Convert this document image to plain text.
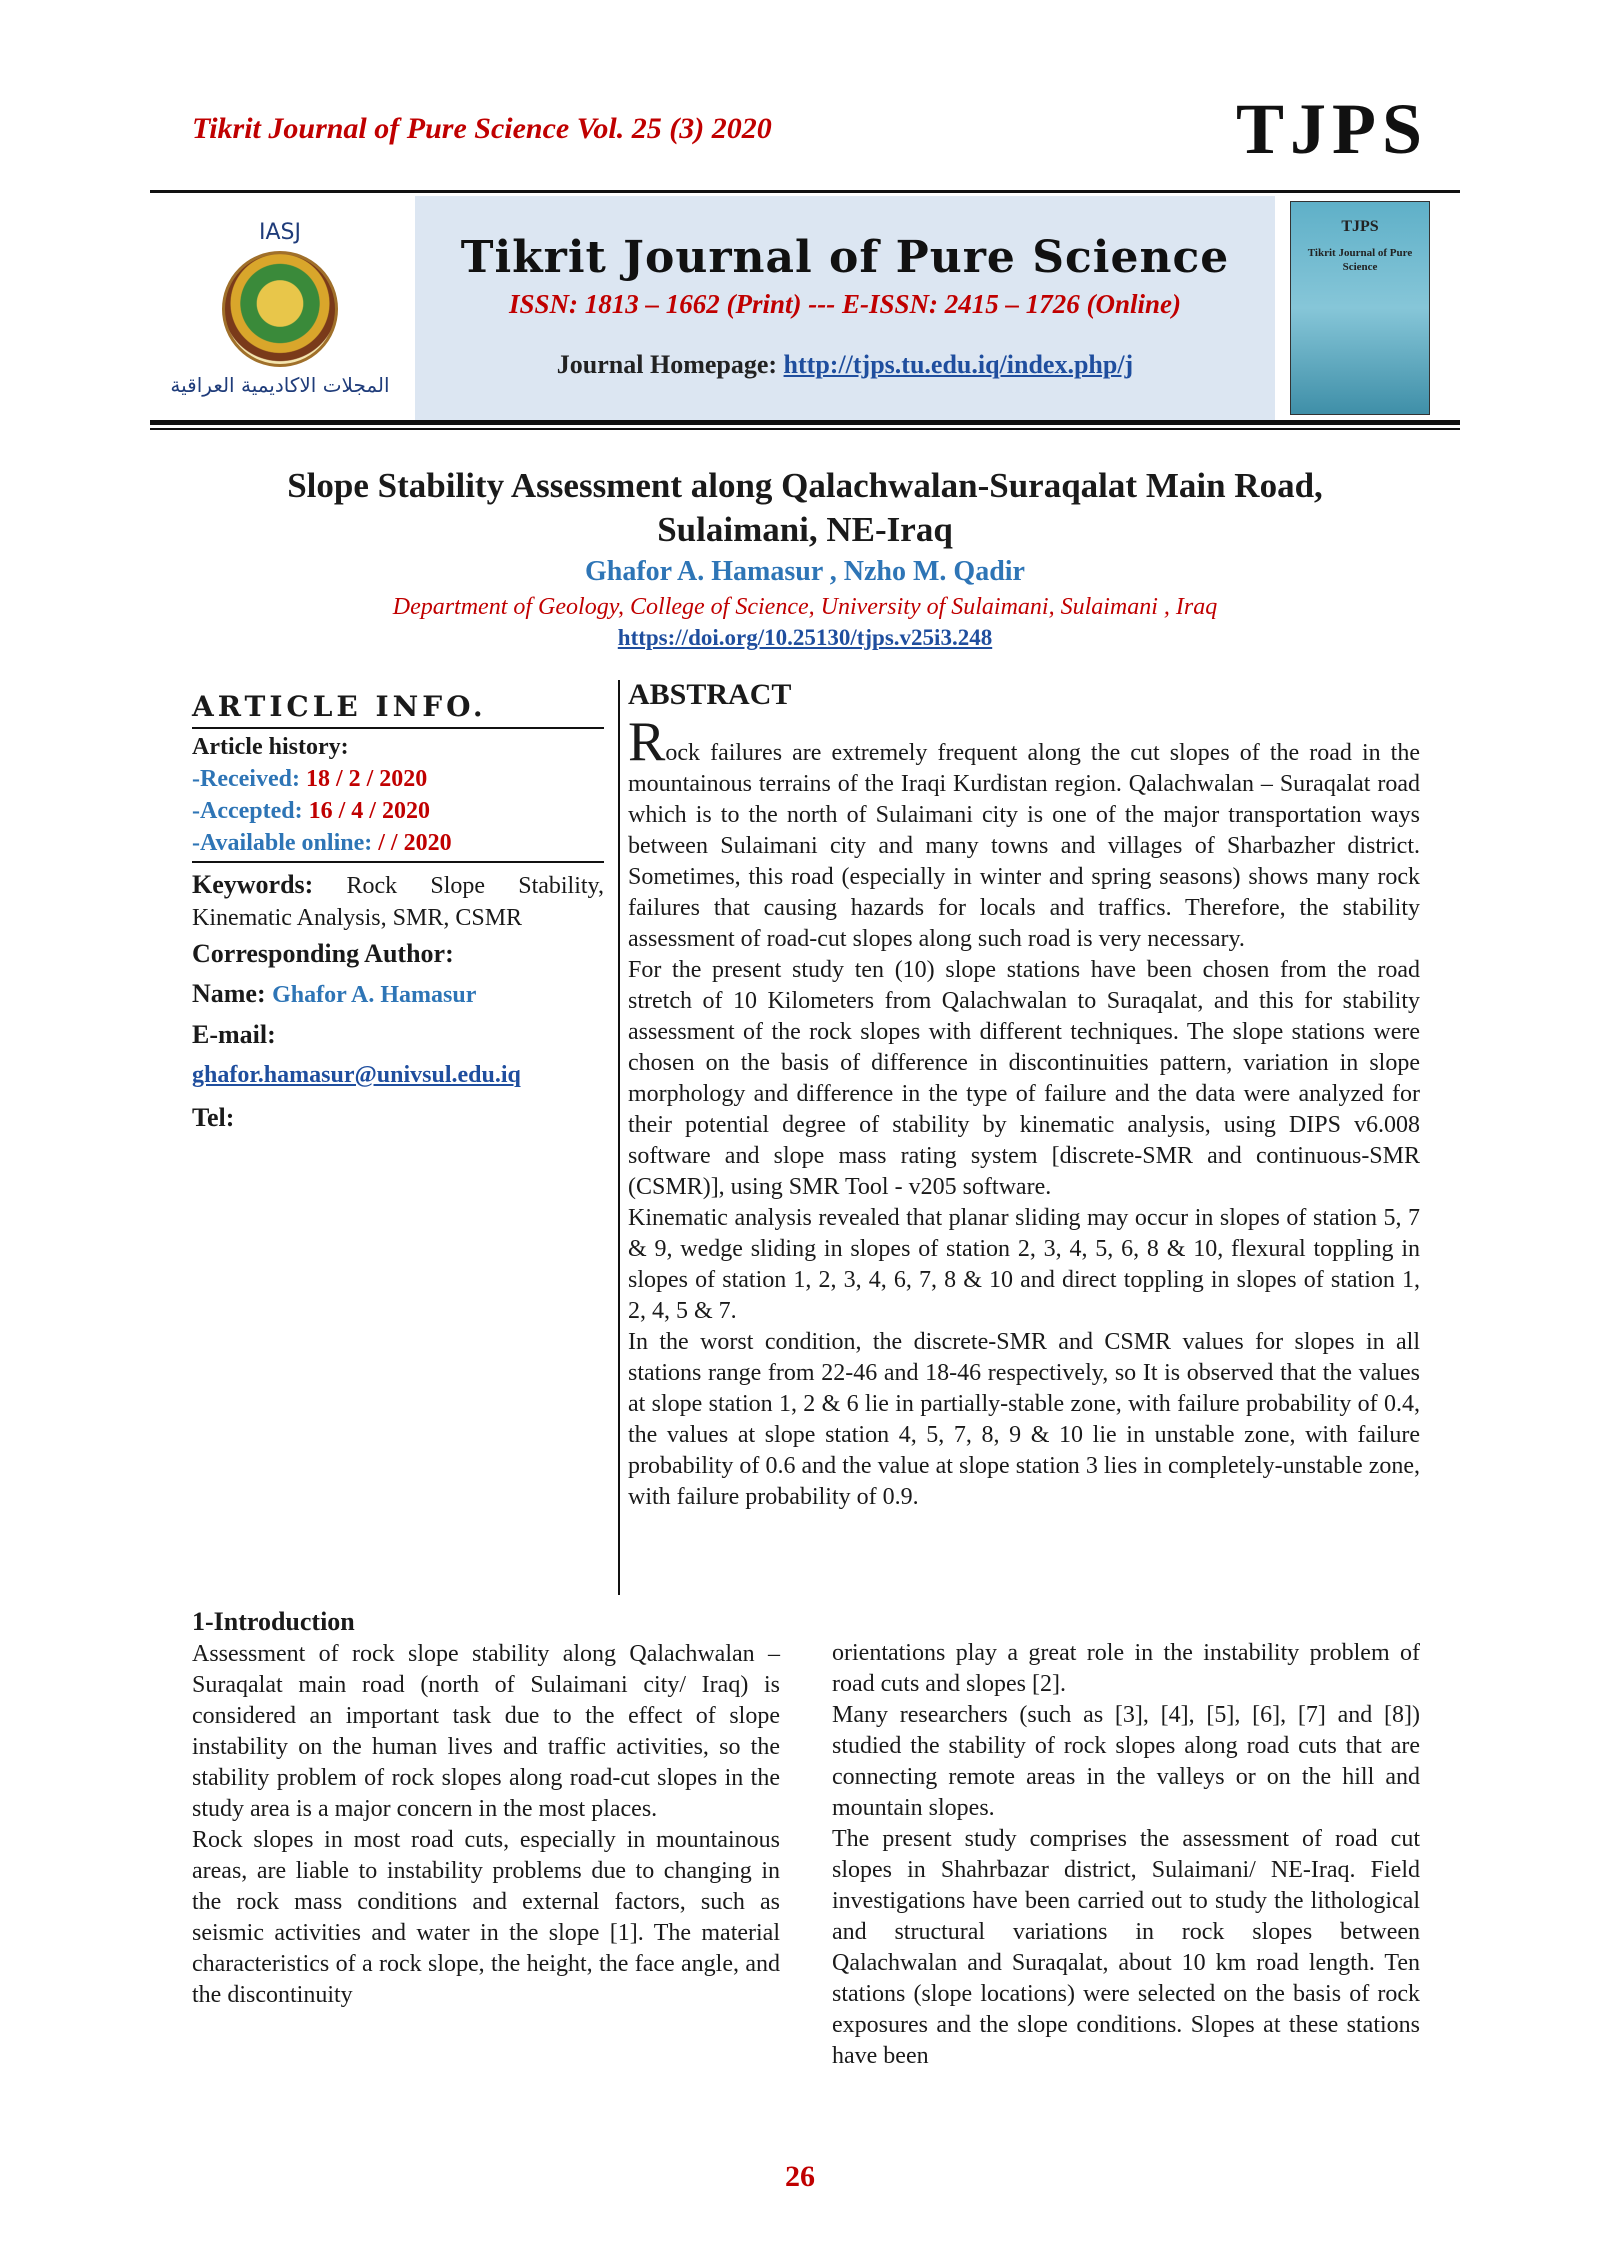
Tikrit Journal of Pure Science Vol. 25 (3) 2020	TJPS
IASJ
المجلات الاكاديمية العراقية
Tikrit Journal of Pure Science
ISSN: 1813 – 1662 (Print) --- E-ISSN: 2415 – 1726 (Online)
Journal Homepage: http://tjps.tu.edu.iq/index.php/j
TJPS
Tikrit Journal of Pure Science
Slope Stability Assessment along Qalachwalan-Suraqalat Main Road,
Sulaimani, NE-Iraq
Ghafor A. Hamasur , Nzho M. Qadir
Department of Geology, College of Science, University of Sulaimani, Sulaimani , Iraq
https://doi.org/10.25130/tjps.v25i3.248
ARTICLE INFO.
Article history:
-Received: 18 / 2 / 2020
-Accepted: 16 / 4 / 2020
-Available online: / / 2020
Keywords: Rock Slope Stability, Kinematic Analysis, SMR, CSMR
Corresponding Author:
Name: Ghafor A. Hamasur
E-mail:
ghafor.hamasur@univsul.edu.iq
Tel:
ABSTRACT

Rock failures are extremely frequent along the cut slopes of the road in the mountainous terrains of the Iraqi Kurdistan region. Qalachwalan – Suraqalat road which is to the north of Sulaimani city is one of the major transportation ways between Sulaimani city and many towns and villages of Sharbazher district. Sometimes, this road (especially in winter and spring seasons) shows many rock failures that causing hazards for locals and traffics. Therefore, the stability assessment of road-cut slopes along such road is very necessary.

For the present study ten (10) slope stations have been chosen from the road stretch of 10 Kilometers from Qalachwalan to Suraqalat, and this for stability assessment of the rock slopes with different techniques. The slope stations were chosen on the basis of difference in discontinuities pattern, variation in slope morphology and difference in the type of failure and the data were analyzed for their potential degree of stability by kinematic analysis, using DIPS v6.008 software and slope mass rating system [discrete-SMR and continuous-SMR (CSMR)], using SMR Tool - v205 software.

Kinematic analysis revealed that planar sliding may occur in slopes of station 5, 7 & 9, wedge sliding in slopes of station 2, 3, 4, 5, 6, 8 & 10, flexural toppling in slopes of station 1, 2, 3, 4, 6, 7, 8 & 10 and direct toppling in slopes of station 1, 2, 4, 5 & 7.

In the worst condition, the discrete-SMR and CSMR values for slopes in all stations range from 22-46 and 18-46 respectively, so It is observed that the values at slope station 1, 2 & 6 lie in partially-stable zone, with failure probability of 0.4, the values at slope station 4, 5, 7, 8, 9 & 10 lie in unstable zone, with failure probability of 0.6 and the value at slope station 3 lies in completely-unstable zone, with failure probability of 0.9.

1-Introduction

Assessment of rock slope stability along Qalachwalan – Suraqalat main road (north of Sulaimani city/ Iraq) is considered an important task due to the effect of slope instability on the human lives and traffic activities, so the stability problem of rock slopes along road-cut slopes in the study area is a major concern in the most places.

Rock slopes in most road cuts, especially in mountainous areas, are liable to instability problems due to changing in the rock mass conditions and external factors, such as seismic activities and water in the slope [1]. The material characteristics of a rock slope, the height, the face angle, and the discontinuity

orientations play a great role in the instability problem of road cuts and slopes [2].

Many researchers (such as [3], [4], [5], [6], [7] and [8]) studied the stability of rock slopes along road cuts that are connecting remote areas in the valleys or on the hill and mountain slopes.

The present study comprises the assessment of road cut slopes in Shahrbazar district, Sulaimani/ NE-Iraq. Field investigations have been carried out to study the lithological and structural variations in rock slopes between Qalachwalan and Suraqalat, about 10 km road length. Ten stations (slope locations) were selected on the basis of rock exposures and the slope conditions. Slopes at these stations have been

26
